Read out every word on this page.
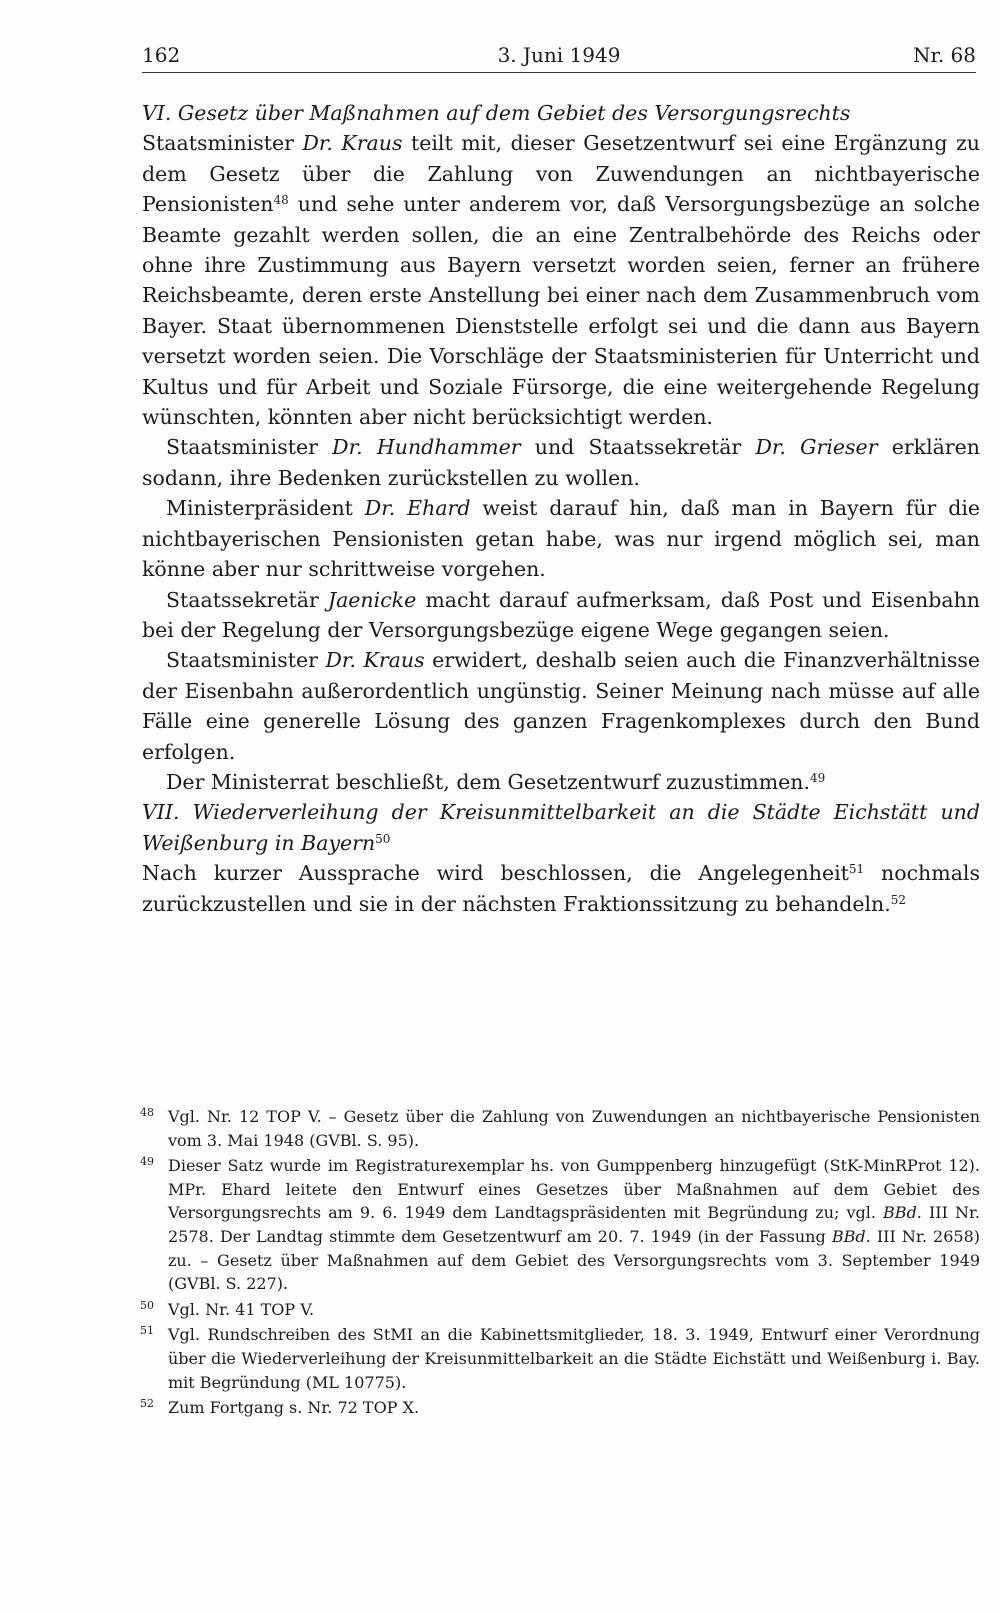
162	3. Juni 1949	Nr. 68

VI. Gesetz über Maßnahmen auf dem Gebiet des Versorgungsrechts

Staatsminister Dr. Kraus teilt mit, dieser Gesetzentwurf sei eine Ergänzung zu dem Gesetz über die Zahlung von Zuwendungen an nichtbayerische Pensionisten$^{48}$ und sehe unter anderem vor, daß Versorgungsbezüge an solche Beamte gezahlt werden sollen, die an eine Zentralbehörde des Reichs oder ohne ihre Zustimmung aus Bayern versetzt worden seien, ferner an frühere Reichsbeamte, deren erste Anstellung bei einer nach dem Zusammenbruch vom Bayer. Staat übernommenen Dienststelle erfolgt sei und die dann aus Bayern versetzt worden seien. Die Vorschläge der Staatsministerien für Unterricht und Kultus und für Arbeit und Soziale Fürsorge, die eine weitergehende Regelung wünschten, könnten aber nicht berücksichtigt werden.

Staatsminister Dr. Hundhammer und Staatssekretär Dr. Grieser erklären sodann, ihre Bedenken zurückstellen zu wollen.

Ministerpräsident Dr. Ehard weist darauf hin, daß man in Bayern für die nichtbayerischen Pensionisten getan habe, was nur irgend möglich sei, man könne aber nur schrittweise vorgehen.

Staatssekretär Jaenicke macht darauf aufmerksam, daß Post und Eisenbahn bei der Regelung der Versorgungsbezüge eigene Wege gegangen seien.

Staatsminister Dr. Kraus erwidert, deshalb seien auch die Finanzverhältnisse der Eisenbahn außerordentlich ungünstig. Seiner Meinung nach müsse auf alle Fälle eine generelle Lösung des ganzen Fragenkomplexes durch den Bund erfolgen.

Der Ministerrat beschließt, dem Gesetzentwurf zuzustimmen.$^{49}$

VII. Wiederverleihung der Kreisunmittelbarkeit an die Städte Eichstätt und Weißenburg in Bayern$^{50}$

Nach kurzer Aussprache wird beschlossen, die Angelegenheit$^{51}$ nochmals zurückzustellen und sie in der nächsten Fraktionssitzung zu behandeln.$^{52}$

48 Vgl. Nr. 12 TOP V. – Gesetz über die Zahlung von Zuwendungen an nichtbayerische Pensionisten vom 3. Mai 1948 (GVBl. S. 95).
49 Dieser Satz wurde im Registraturexemplar hs. von Gumppenberg hinzugefügt (StK-MinRProt 12). MPr. Ehard leitete den Entwurf eines Gesetzes über Maßnahmen auf dem Gebiet des Versorgungsrechts am 9. 6. 1949 dem Landtagspräsidenten mit Begründung zu; vgl. BBd. III Nr. 2578. Der Landtag stimmte dem Gesetzentwurf am 20. 7. 1949 (in der Fassung BBd. III Nr. 2658) zu. – Gesetz über Maßnahmen auf dem Gebiet des Versorgungsrechts vom 3. September 1949 (GVBl. S. 227).
50 Vgl. Nr. 41 TOP V.
51 Vgl. Rundschreiben des StMI an die Kabinettsmitglieder, 18. 3. 1949, Entwurf einer Verordnung über die Wiederverleihung der Kreisunmittelbarkeit an die Städte Eichstätt und Weißenburg i. Bay. mit Begründung (ML 10775).
52 Zum Fortgang s. Nr. 72 TOP X.
